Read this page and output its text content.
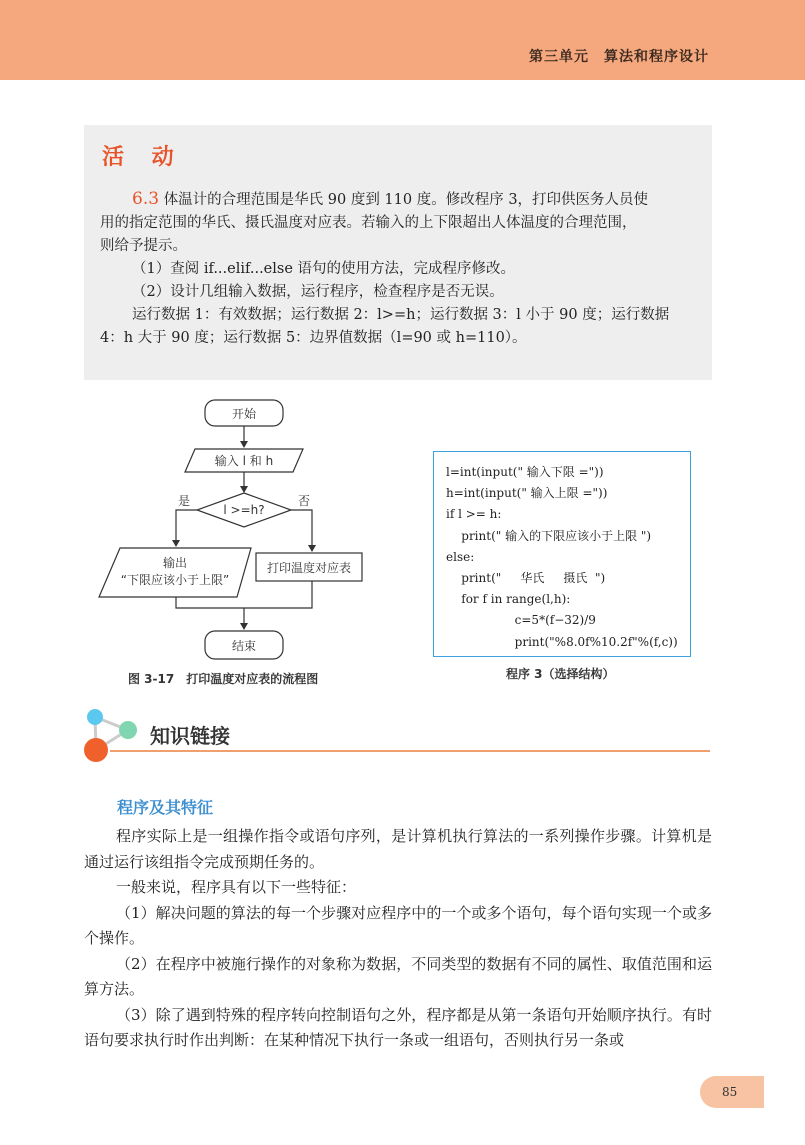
第三单元　算法和程序设计
活 动

6.3 体温计的合理范围是华氏 90 度到 110 度。修改程序 3，打印供医务人员使

用的指定范围的华氏、摄氏温度对应表。若输入的上下限超出人体温度的合理范围，

则给予提示。

（1）查阅 if...elif...else 语句的使用方法，完成程序修改。

（2）设计几组输入数据，运行程序，检查程序是否无误。

运行数据 1：有效数据；运行数据 2：l>=h；运行数据 3：l 小于 90 度；运行数据

4：h 大于 90 度；运行数据 5：边界值数据（l=90 或 h=110）。

开始
输入 l 和 h
l >=h?
是	否
输出
“下限应该小于上限”
打印温度对应表
结束
图 3-17　打印温度对应表的流程图
l=int(input(" 输入下限 ="))
h=int(input(" 输入上限 ="))
if l >= h:
print(" 输入的下限应该小于上限 ")
else:
print("     华氏     摄氏  ")
for f in range(l,h):
c=5*(f−32)/9
print("%8.0f%10.2f"%(f,c))
程序 3（选择结构）
知识链接
程序及其特征

程序实际上是一组操作指令或语句序列，是计算机执行算法的一系列操作步骤。计算机是通过运行该组指令完成预期任务的。

一般来说，程序具有以下一些特征：

（1）解决问题的算法的每一个步骤对应程序中的一个或多个语句，每个语句实现一个或多个操作。

（2）在程序中被施行操作的对象称为数据，不同类型的数据有不同的属性、取值范围和运算方法。

（3）除了遇到特殊的程序转向控制语句之外，程序都是从第一条语句开始顺序执行。有时语句要求执行时作出判断：在某种情况下执行一条或一组语句，否则执行另一条或

85
